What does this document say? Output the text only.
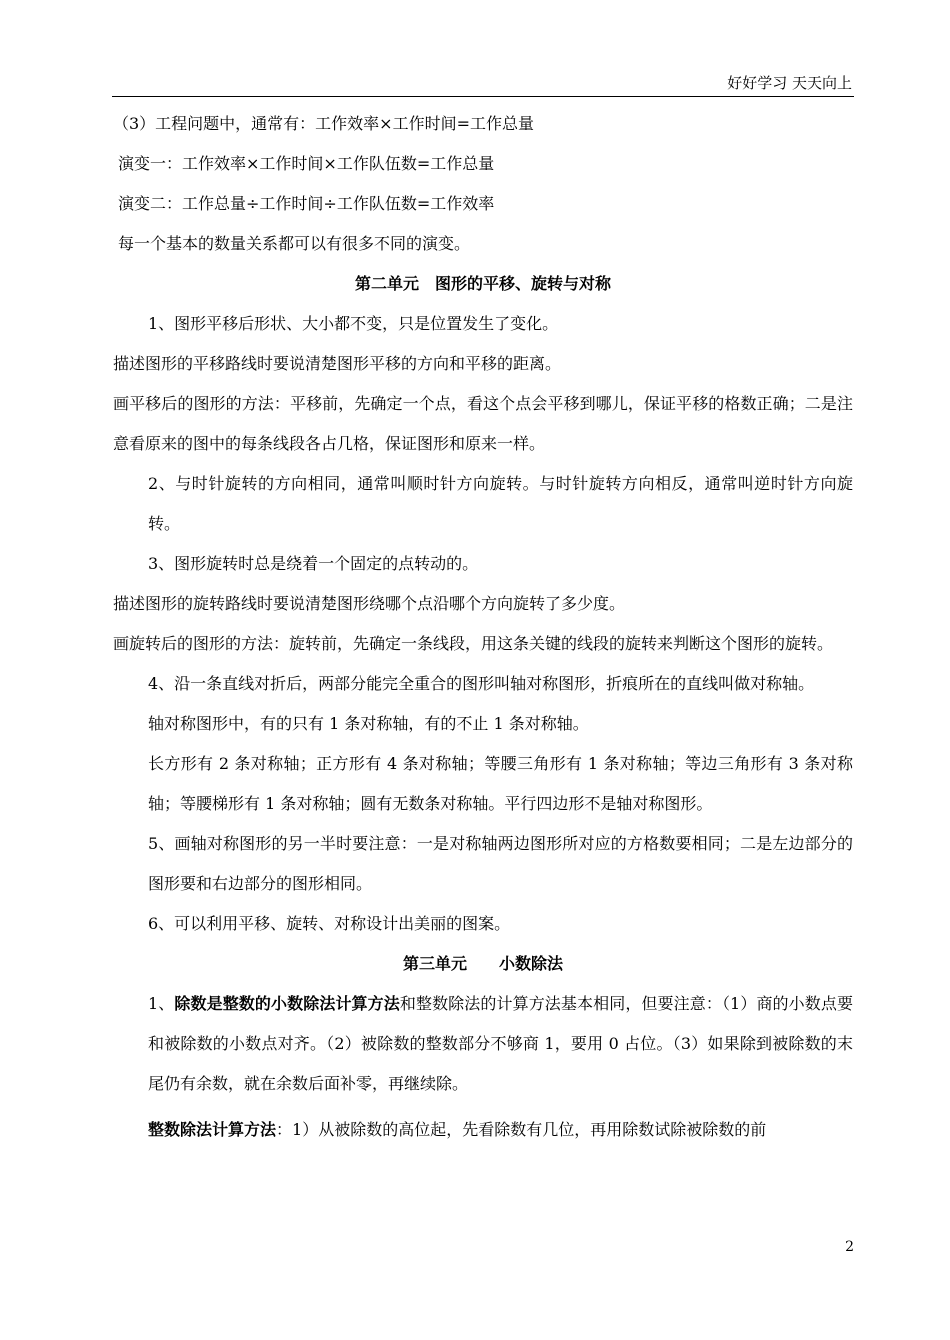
好好学习 天天向上

（3）工程问题中，通常有：工作效率×工作时间=工作总量

演变一：工作效率×工作时间×工作队伍数=工作总量

演变二：工作总量÷工作时间÷工作队伍数=工作效率

每一个基本的数量关系都可以有很多不同的演变。

第二单元　图形的平移、旋转与对称

1、图形平移后形状、大小都不变，只是位置发生了变化。

描述图形的平移路线时要说清楚图形平移的方向和平移的距离。

画平移后的图形的方法：平移前，先确定一个点，看这个点会平移到哪儿，保证平移的格数正确；二是注意看原来的图中的每条线段各占几格，保证图形和原来一样。

2、与时针旋转的方向相同，通常叫顺时针方向旋转。与时针旋转方向相反，通常叫逆时针方向旋转。

3、图形旋转时总是绕着一个固定的点转动的。

描述图形的旋转路线时要说清楚图形绕哪个点沿哪个方向旋转了多少度。

画旋转后的图形的方法：旋转前，先确定一条线段，用这条关键的线段的旋转来判断这个图形的旋转。

4、沿一条直线对折后，两部分能完全重合的图形叫轴对称图形，折痕所在的直线叫做对称轴。

轴对称图形中，有的只有 1 条对称轴，有的不止 1 条对称轴。

长方形有 2 条对称轴；正方形有 4 条对称轴；等腰三角形有 1 条对称轴；等边三角形有 3 条对称轴；等腰梯形有 1 条对称轴；圆有无数条对称轴。平行四边形不是轴对称图形。

5、画轴对称图形的另一半时要注意：一是对称轴两边图形所对应的方格数要相同；二是左边部分的图形要和右边部分的图形相同。

6、可以利用平移、旋转、对称设计出美丽的图案。

第三单元　　小数除法

1、除数是整数的小数除法计算方法和整数除法的计算方法基本相同，但要注意：（1）商的小数点要和被除数的小数点对齐。（2）被除数的整数部分不够商 1，要用 0 占位。（3）如果除到被除数的末尾仍有余数，就在余数后面补零，再继续除。

整数除法计算方法：1）从被除数的高位起，先看除数有几位，再用除数试除被除数的前

2
